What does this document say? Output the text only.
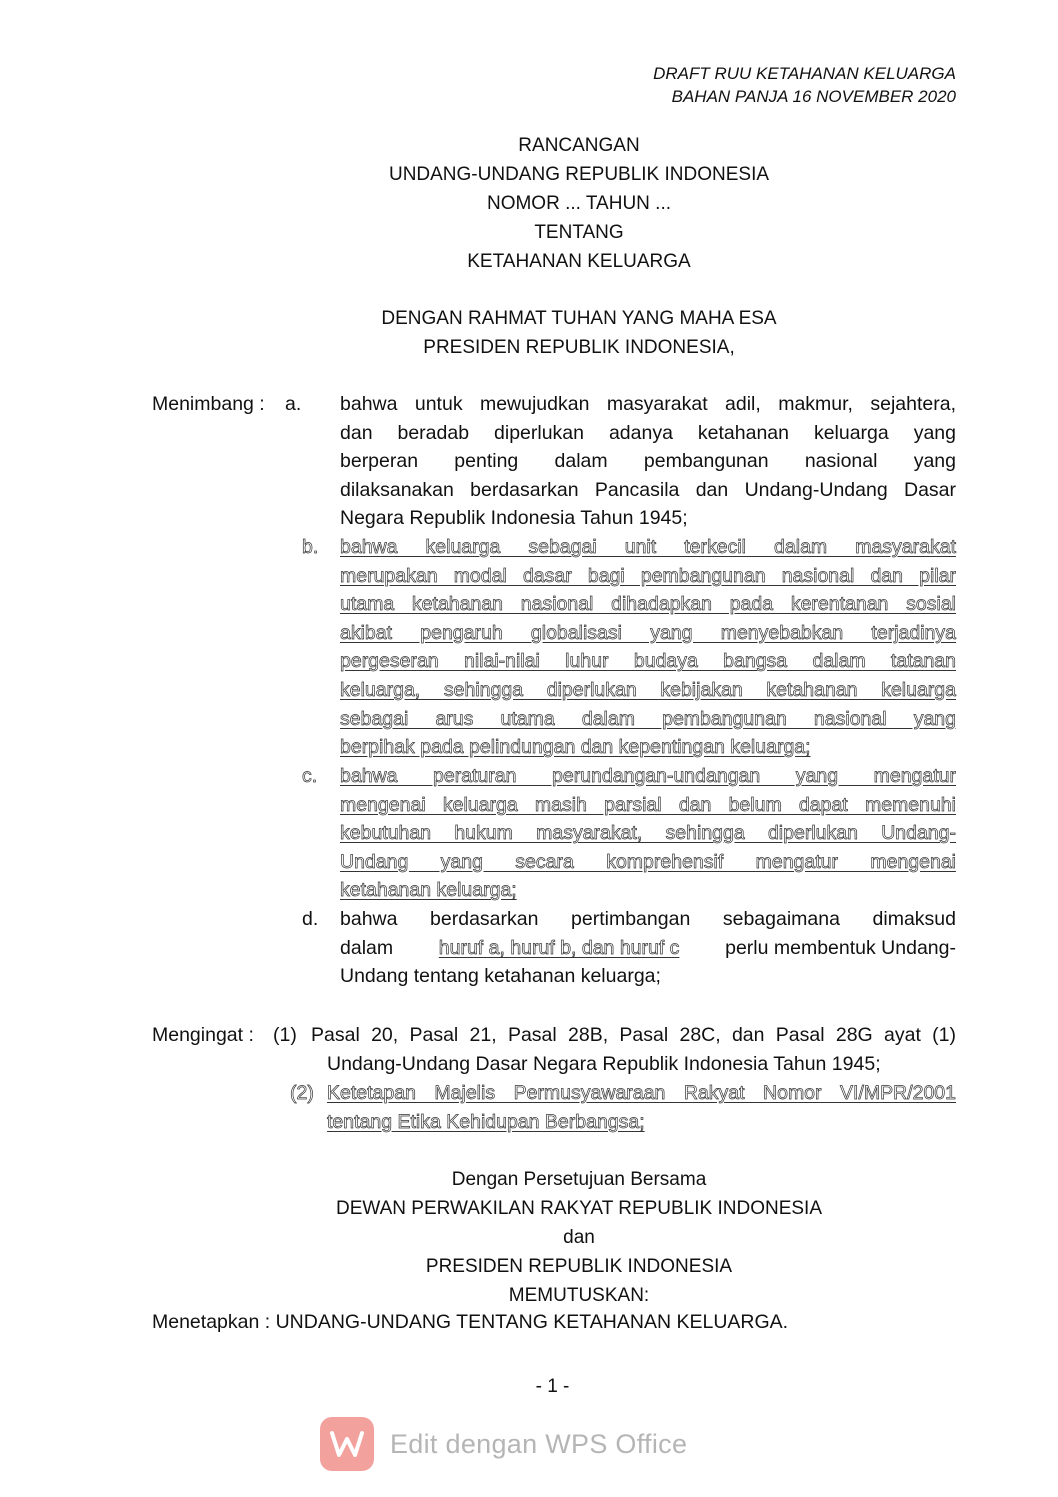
DRAFT RUU KETAHANAN KELUARGA
BAHAN PANJA 16 NOVEMBER 2020
RANCANGAN
UNDANG-UNDANG REPUBLIK INDONESIA
NOMOR ... TAHUN ...
TENTANG
KETAHANAN KELUARGA
DENGAN RAHMAT TUHAN YANG MAHA ESA
PRESIDEN REPUBLIK INDONESIA,
Menimbang : a. bahwa untuk mewujudkan masyarakat adil, makmur, sejahtera,
dan beradab diperlukan adanya ketahanan keluarga yang
berperan penting dalam pembangunan nasional yang
dilaksanakan berdasarkan Pancasila dan Undang-Undang Dasar
Negara Republik Indonesia Tahun 1945;
b. bahwa keluarga sebagai unit terkecil dalam masyarakat
merupakan modal dasar bagi pembangunan nasional dan pilar
utama ketahanan nasional dihadapkan pada kerentanan sosial
akibat pengaruh globalisasi yang menyebabkan terjadinya
pergeseran nilai-nilai luhur budaya bangsa dalam tatanan
keluarga, sehingga diperlukan kebijakan ketahanan keluarga
sebagai arus utama dalam pembangunan nasional yang
berpihak pada pelindungan dan kepentingan keluarga;
c. bahwa peraturan perundangan-undangan yang mengatur
mengenai keluarga masih parsial dan belum dapat memenuhi
kebutuhan hukum masyarakat, sehingga diperlukan Undang-
Undang yang secara komprehensif mengatur mengenai
ketahanan keluarga;
d. bahwa berdasarkan pertimbangan sebagaimana dimaksud
dalam huruf a, huruf b, dan huruf c perlu membentuk Undang-
Undang tentang ketahanan keluarga;
Mengingat : (1) Pasal 20, Pasal 21, Pasal 28B, Pasal 28C, dan Pasal 28G ayat (1)
Undang-Undang Dasar Negara Republik Indonesia Tahun 1945;
(2) Ketetapan Majelis Permusyawaraan Rakyat Nomor VI/MPR/2001
tentang Etika Kehidupan Berbangsa;
Dengan Persetujuan Bersama
DEWAN PERWAKILAN RAKYAT REPUBLIK INDONESIA
dan
PRESIDEN REPUBLIK INDONESIA
MEMUTUSKAN:
Menetapkan : UNDANG-UNDANG TENTANG KETAHANAN KELUARGA.
- 1 -
Edit dengan WPS Office
